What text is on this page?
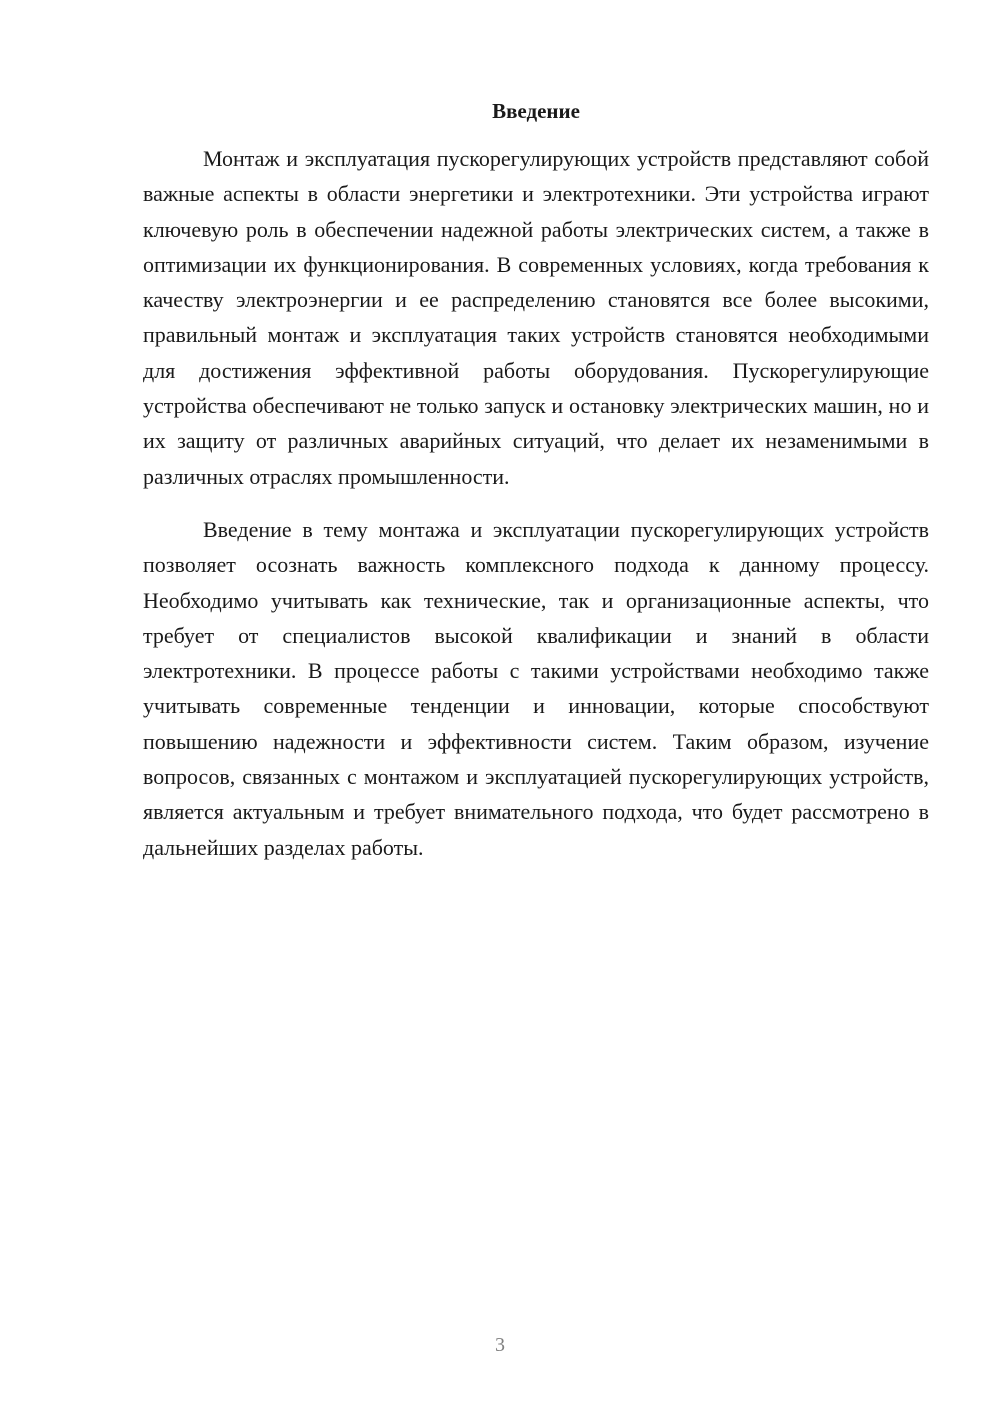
Введение

Монтаж и эксплуатация пускорегулирующих устройств представляют собой важные аспекты в области энергетики и электротехники. Эти устройства играют ключевую роль в обеспечении надежной работы электрических систем, а также в оптимизации их функционирования. В современных условиях, когда требования к качеству электроэнергии и ее распределению становятся все более высокими, правильный монтаж и эксплуатация таких устройств становятся необходимыми для достижения эффективной работы оборудования. Пускорегулирующие устройства обеспечивают не только запуск и остановку электрических машин, но и их защиту от различных аварийных ситуаций, что делает их незаменимыми в различных отраслях промышленности.

Введение в тему монтажа и эксплуатации пускорегулирующих устройств позволяет осознать важность комплексного подхода к данному процессу. Необходимо учитывать как технические, так и организационные аспекты, что требует от специалистов высокой квалификации и знаний в области электротехники. В процессе работы с такими устройствами необходимо также учитывать современные тенденции и инновации, которые способствуют повышению надежности и эффективности систем. Таким образом, изучение вопросов, связанных с монтажом и эксплуатацией пускорегулирующих устройств, является актуальным и требует внимательного подхода, что будет рассмотрено в дальнейших разделах работы.

3
